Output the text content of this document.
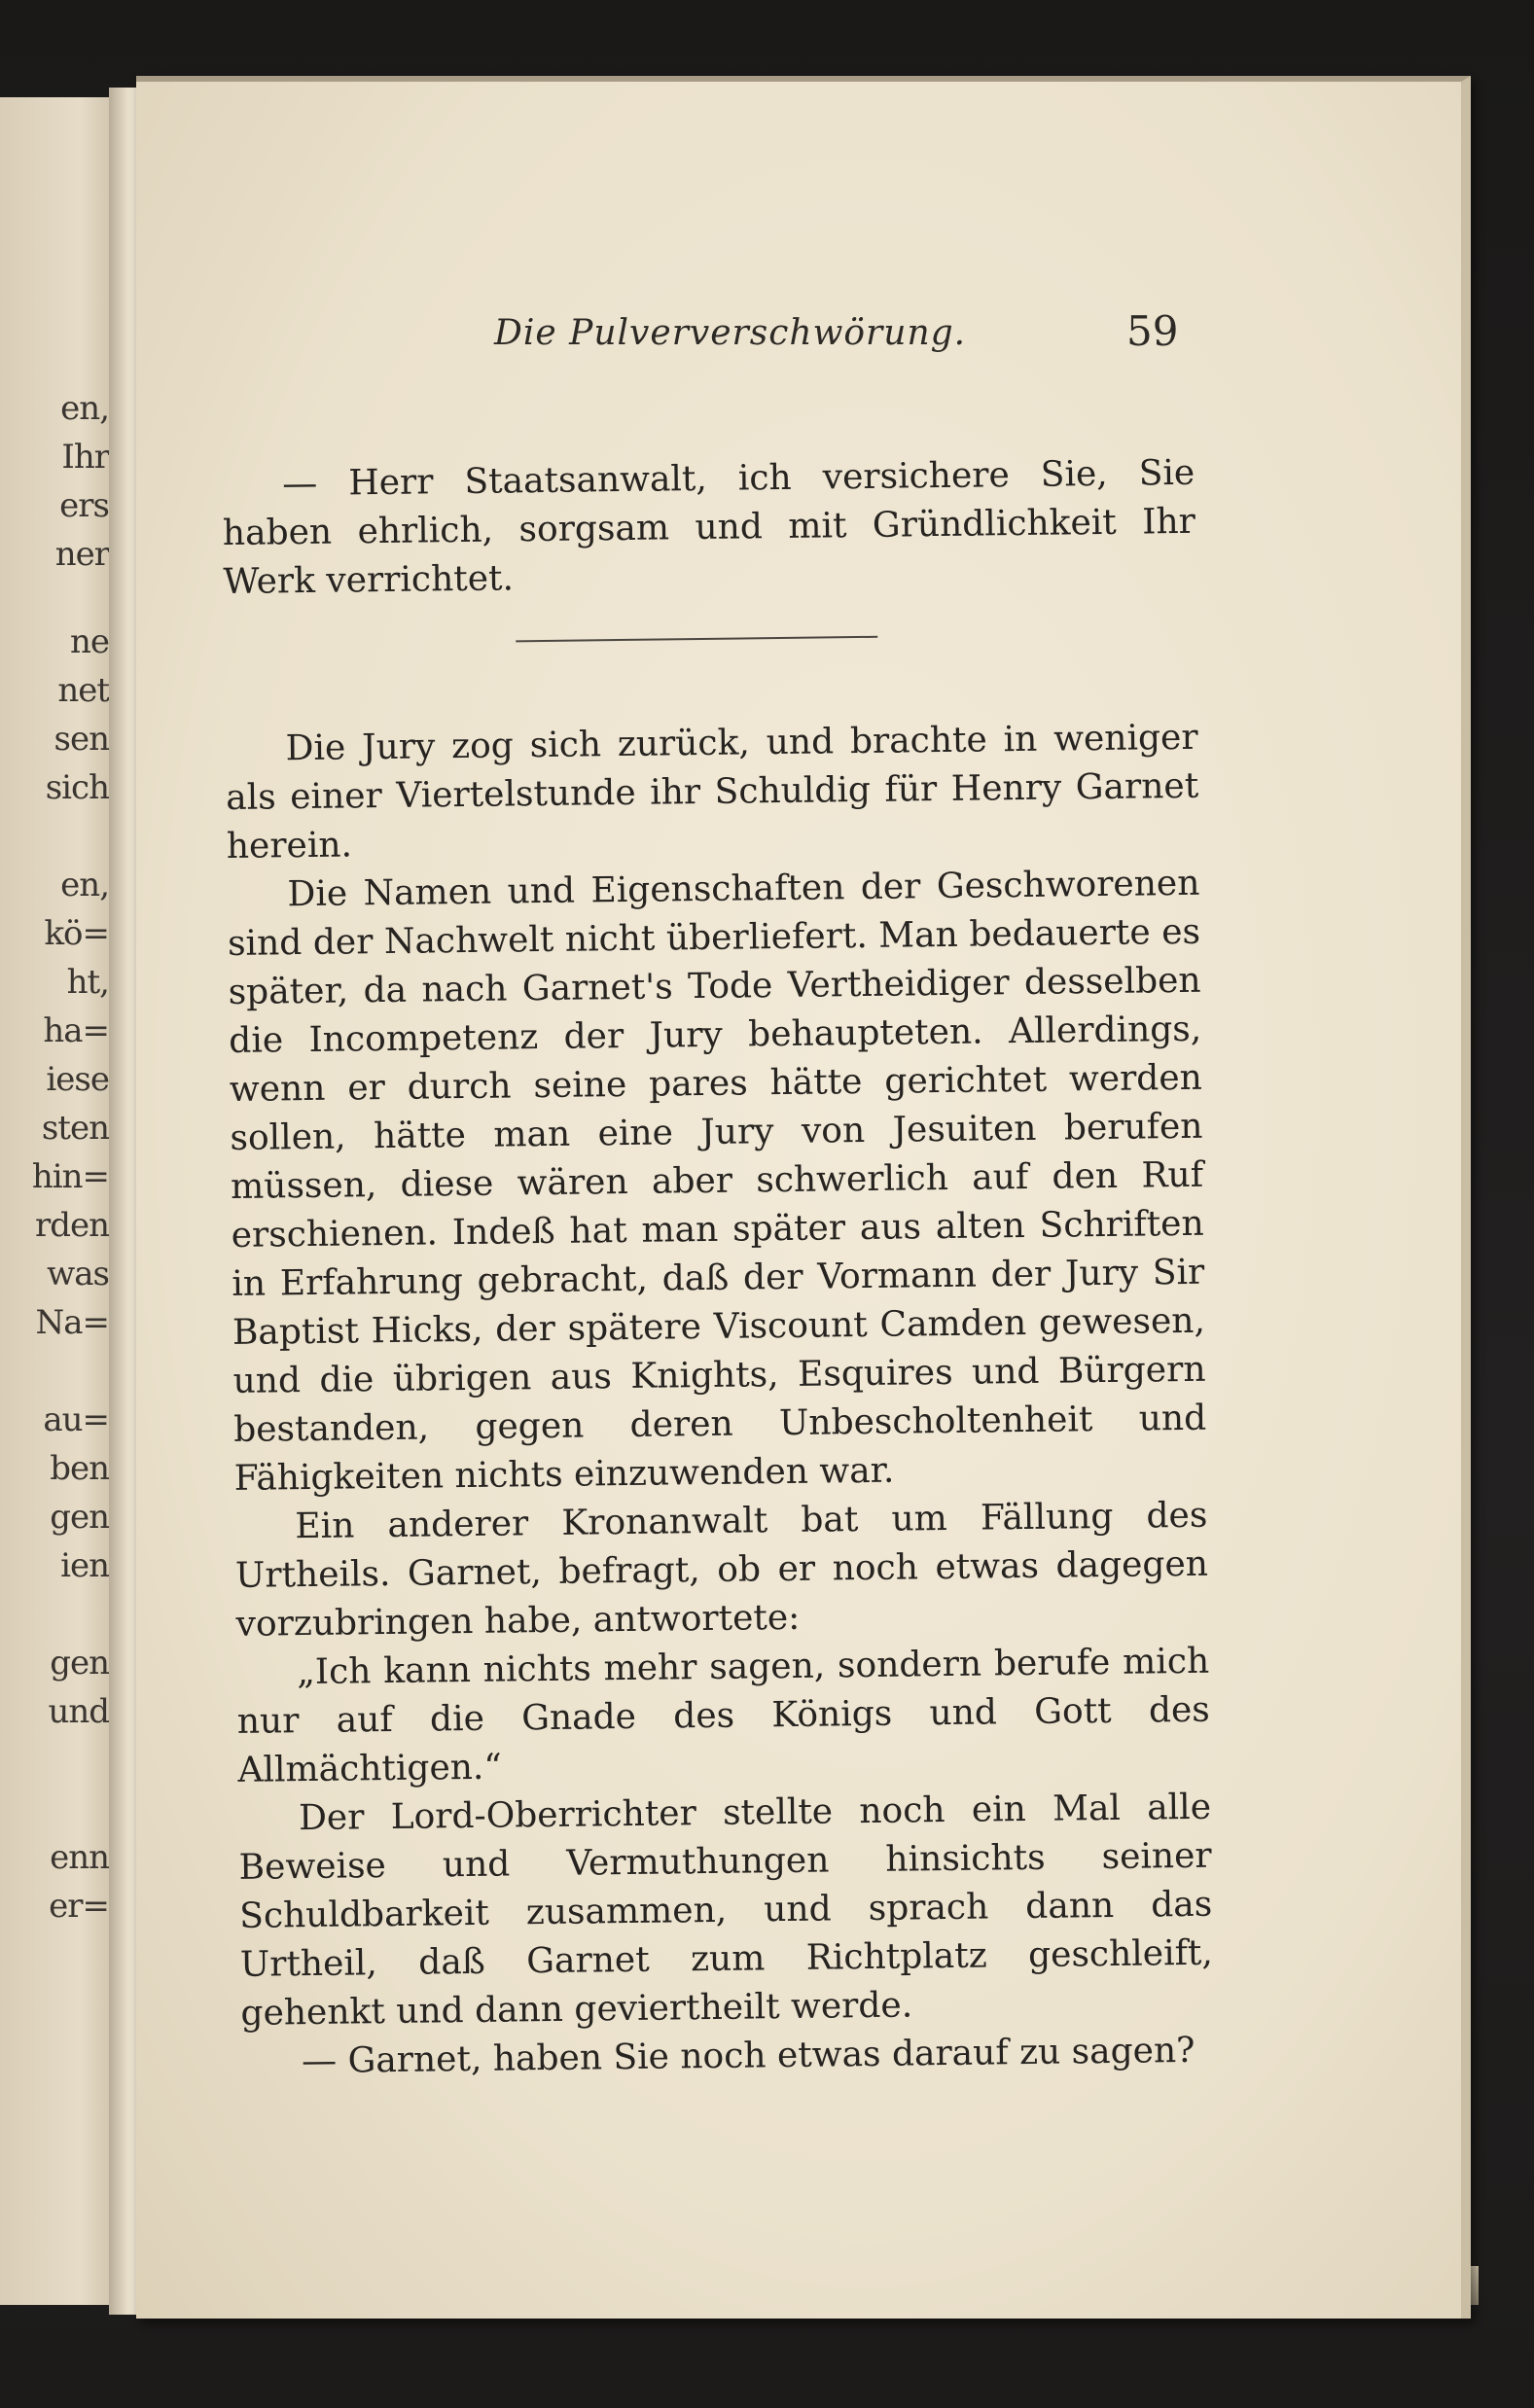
en,
Ihr
ers
ner
ne
net
sen
sich
en,
kö=
ht,
ha=
iese
sten
hin=
rden
was
Na=
au=
ben
gen
ien
gen
und
enn
er=
Die Pulververschwörung.	59

— Herr Staatsanwalt, ich versichere Sie, Sie haben ehrlich, sorgsam und mit Gründlichkeit Ihr Werk verrichtet.

Die Jury zog sich zurück, und brachte in weniger als einer Viertelstunde ihr Schuldig für Henry Garnet herein.

Die Namen und Eigenschaften der Geschworenen sind der Nachwelt nicht überliefert. Man bedauerte es später, da nach Garnet's Tode Vertheidiger desselben die Incompetenz der Jury behaupteten. Allerdings, wenn er durch seine pares hätte gerichtet werden sollen, hätte man eine Jury von Jesuiten berufen müssen, diese wären aber schwerlich auf den Ruf erschienen. Indeß hat man später aus alten Schriften in Erfahrung gebracht, daß der Vormann der Jury Sir Baptist Hicks, der spätere Viscount Camden gewesen, und die übrigen aus Knights, Esquires und Bürgern bestanden, gegen deren Unbescholtenheit und Fähigkeiten nichts einzuwenden war.

Ein anderer Kronanwalt bat um Fällung des Urtheils. Garnet, befragt, ob er noch etwas dagegen vorzubringen habe, antwortete:

„Ich kann nichts mehr sagen, sondern berufe mich nur auf die Gnade des Königs und Gott des Allmächtigen.“

Der Lord-Oberrichter stellte noch ein Mal alle Beweise und Vermuthungen hinsichts seiner Schuldbarkeit zusammen, und sprach dann das Urtheil, daß Garnet zum Richtplatz geschleift, gehenkt und dann geviertheilt werde.

— Garnet, haben Sie noch etwas darauf zu sagen?
